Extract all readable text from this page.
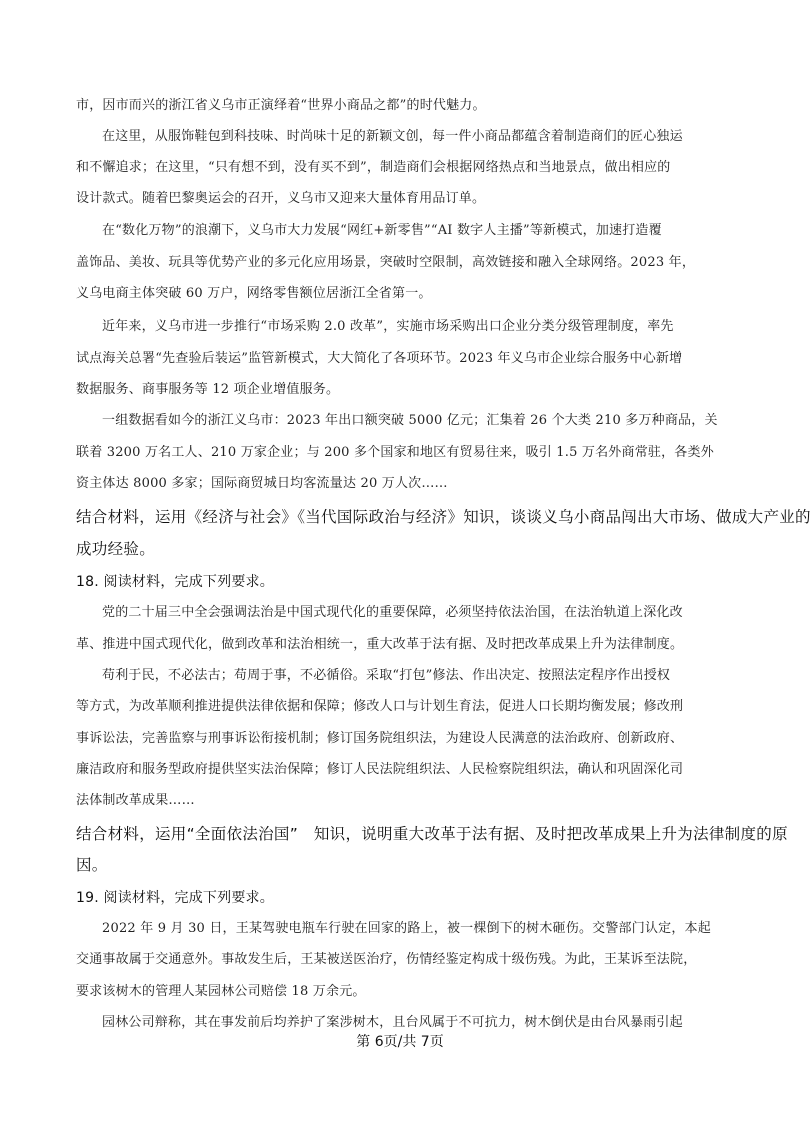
市，因市而兴的浙江省义乌市正演绎着“世界小商品之都”的时代魅力。
在这里，从服饰鞋包到科技味、时尚味十足的新颖文创，每一件小商品都蕴含着制造商们的匠心独运
和不懈追求；在这里，“只有想不到，没有买不到”，制造商们会根据网络热点和当地景点，做出相应的
设计款式。随着巴黎奥运会的召开，义乌市又迎来大量体育用品订单。
在“数化万物”的浪潮下，义乌市大力发展“网红+新零售”“AI 数字人主播”等新模式，加速打造覆
盖饰品、美妆、玩具等优势产业的多元化应用场景，突破时空限制，高效链接和融入全球网络。2023 年，
义乌电商主体突破 60 万户，网络零售额位居浙江全省第一。
近年来，义乌市进一步推行“市场采购 2.0 改革”，实施市场采购出口企业分类分级管理制度，率先
试点海关总署“先查验后装运”监管新模式，大大简化了各项环节。2023 年义乌市企业综合服务中心新增
数据服务、商事服务等 12 项企业增值服务。
一组数据看如今的浙江义乌市：2023 年出口额突破 5000 亿元；汇集着 26 个大类 210 多万种商品，关
联着 3200 万名工人、210 万家企业；与 200 多个国家和地区有贸易往来，吸引 1.5 万名外商常驻，各类外
资主体达 8000 多家；国际商贸城日均客流量达 20 万人次……
结合材料，运用《经济与社会》《当代国际政治与经济》知识，谈谈义乌小商品闯出大市场、做成大产业的
成功经验。
18. 阅读材料，完成下列要求。
党的二十届三中全会强调法治是中国式现代化的重要保障，必须坚持依法治国，在法治轨道上深化改
革、推进中国式现代化，做到改革和法治相统一，重大改革于法有据、及时把改革成果上升为法律制度。
苟利于民，不必法古；苟周于事，不必循俗。采取“打包”修法、作出决定、按照法定程序作出授权
等方式，为改革顺利推进提供法律依据和保障；修改人口与计划生育法，促进人口长期均衡发展；修改刑
事诉讼法，完善监察与刑事诉讼衔接机制；修订国务院组织法，为建设人民满意的法治政府、创新政府、
廉洁政府和服务型政府提供坚实法治保障；修订人民法院组织法、人民检察院组织法，确认和巩固深化司
法体制改革成果……
结合材料，运用“全面依法治国”　知识，说明重大改革于法有据、及时把改革成果上升为法律制度的原
因。
19. 阅读材料，完成下列要求。
2022 年 9 月 30 日，王某驾驶电瓶车行驶在回家的路上，被一棵倒下的树木砸伤。交警部门认定，本起
交通事故属于交通意外。事故发生后，王某被送医治疗，伤情经鉴定构成十级伤残。为此，王某诉至法院，
要求该树木的管理人某园林公司赔偿 18 万余元。
园林公司辩称，其在事发前后均养护了案涉树木，且台风属于不可抗力，树木倒伏是由台风暴雨引起
第 6页/共 7页
